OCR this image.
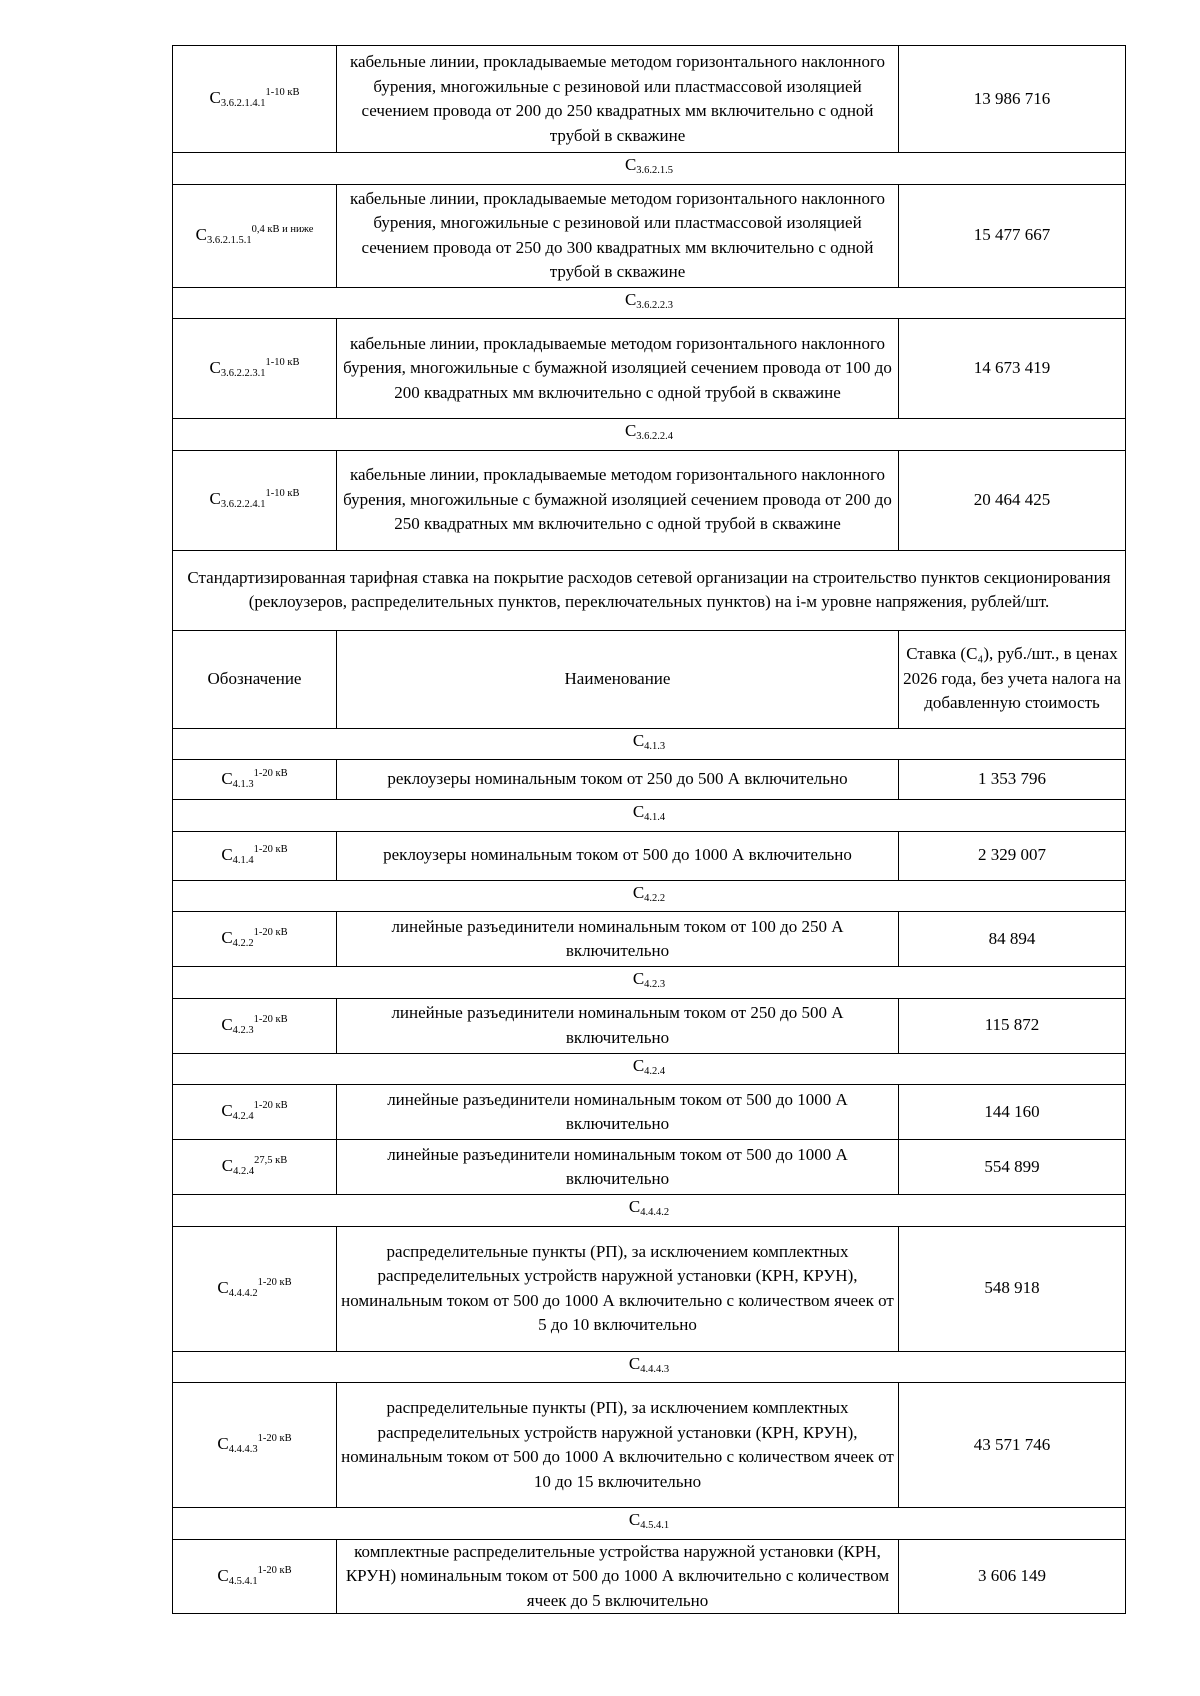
$C_{3.6.2.1.4.1}^{1-10 кВ}$	кабельные линии, прокладываемые методом горизонтального наклонного бурения, многожильные с резиновой или пластмассовой изоляцией сечением провода от 200 до 250 квадратных мм включительно с одной трубой в скважине	13 986 716
$C_{3.6.2.1.5}$
$C_{3.6.2.1.5.1}^{0,4 кВ и ниже}$	кабельные линии, прокладываемые методом горизонтального наклонного бурения, многожильные с резиновой или пластмассовой изоляцией сечением провода от 250 до 300 квадратных мм включительно с одной трубой в скважине	15 477 667
$C_{3.6.2.2.3}$
$C_{3.6.2.2.3.1}^{1-10 кВ}$	кабельные линии, прокладываемые методом горизонтального наклонного бурения, многожильные с бумажной изоляцией сечением провода от 100 до 200 квадратных мм включительно с одной трубой в скважине	14 673 419
$C_{3.6.2.2.4}$
$C_{3.6.2.2.4.1}^{1-10 кВ}$	кабельные линии, прокладываемые методом горизонтального наклонного бурения, многожильные с бумажной изоляцией сечением провода от 200 до 250 квадратных мм включительно с одной трубой в скважине	20 464 425
Стандартизированная тарифная ставка на покрытие расходов сетевой организации на строительство пунктов секционирования (реклоузеров, распределительных пунктов, переключательных пунктов) на i-м уровне напряжения, рублей/шт.		
Обозначение	Наименование	Ставка (C₄), руб./шт., в ценах 2026 года, без учета налога на добавленную стоимость
$C_{4.1.3}$
$C_{4.1.3}^{1-20 кВ}$	реклоузеры номинальным током от 250 до 500 А включительно	1 353 796
$C_{4.1.4}$
$C_{4.1.4}^{1-20 кВ}$	реклоузеры номинальным током от 500 до 1000 А включительно	2 329 007
$C_{4.2.2}$
$C_{4.2.2}^{1-20 кВ}$	линейные разъединители номинальным током от 100 до 250 А включительно	84 894
$C_{4.2.3}$
$C_{4.2.3}^{1-20 кВ}$	линейные разъединители номинальным током от 250 до 500 А включительно	115 872
$C_{4.2.4}$
$C_{4.2.4}^{1-20 кВ}$	линейные разъединители номинальным током от 500 до 1000 А включительно	144 160
$C_{4.2.4}^{27,5 кВ}$	линейные разъединители номинальным током от 500 до 1000 А включительно	554 899
$C_{4.4.4.2}$
$C_{4.4.4.2}^{1-20 кВ}$	распределительные пункты (РП), за исключением комплектных распределительных устройств наружной установки (КРН, КРУН), номинальным током от 500 до 1000 А включительно с количеством ячеек от 5 до 10 включительно	548 918
$C_{4.4.4.3}$
$C_{4.4.4.3}^{1-20 кВ}$	распределительные пункты (РП), за исключением комплектных распределительных устройств наружной установки (КРН, КРУН), номинальным током от 500 до 1000 А включительно с количеством ячеек от 10 до 15 включительно	43 571 746
$C_{4.5.4.1}$
$C_{4.5.4.1}^{1-20 кВ}$	комплектные распределительные устройства наружной установки (КРН, КРУН) номинальным током от 500 до 1000 А включительно с количеством ячеек до 5 включительно	3 606 149
